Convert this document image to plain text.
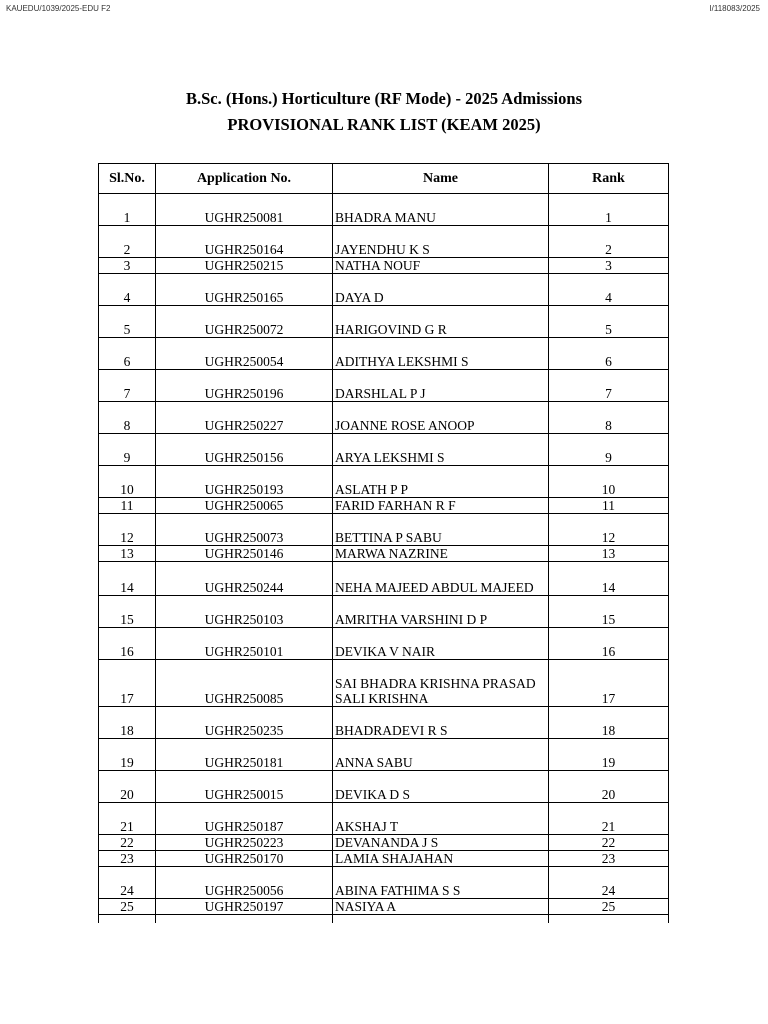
KAUEDU/1039/2025-EDU F2	I/118083/2025
B.Sc. (Hons.) Horticulture (RF Mode) - 2025 Admissions
PROVISIONAL RANK LIST (KEAM 2025)
Sl.No.	Application No.	Name	Rank
1	UGHR250081	BHADRA MANU	1
2	UGHR250164	JAYENDHU K S	2
3	UGHR250215	NATHA NOUF	3
4	UGHR250165	DAYA D	4
5	UGHR250072	HARIGOVIND G R	5
6	UGHR250054	ADITHYA LEKSHMI S	6
7	UGHR250196	DARSHLAL P J	7
8	UGHR250227	JOANNE ROSE ANOOP	8
9	UGHR250156	ARYA LEKSHMI S	9
10	UGHR250193	ASLATH P P	10
11	UGHR250065	FARID FARHAN R F	11
12	UGHR250073	BETTINA P SABU	12
13	UGHR250146	MARWA NAZRINE	13
14	UGHR250244	NEHA MAJEED ABDUL MAJEED	14
15	UGHR250103	AMRITHA VARSHINI D P	15
16	UGHR250101	DEVIKA V NAIR	16
17	UGHR250085	SAI BHADRA KRISHNA PRASAD SALI KRISHNA	17
18	UGHR250235	BHADRADEVI R S	18
19	UGHR250181	ANNA SABU	19
20	UGHR250015	DEVIKA D S	20
21	UGHR250187	AKSHAJ T	21
22	UGHR250223	DEVANANDA J S	22
23	UGHR250170	LAMIA SHAJAHAN	23
24	UGHR250056	ABINA FATHIMA S S	24
25	UGHR250197	NASIYA A	25
